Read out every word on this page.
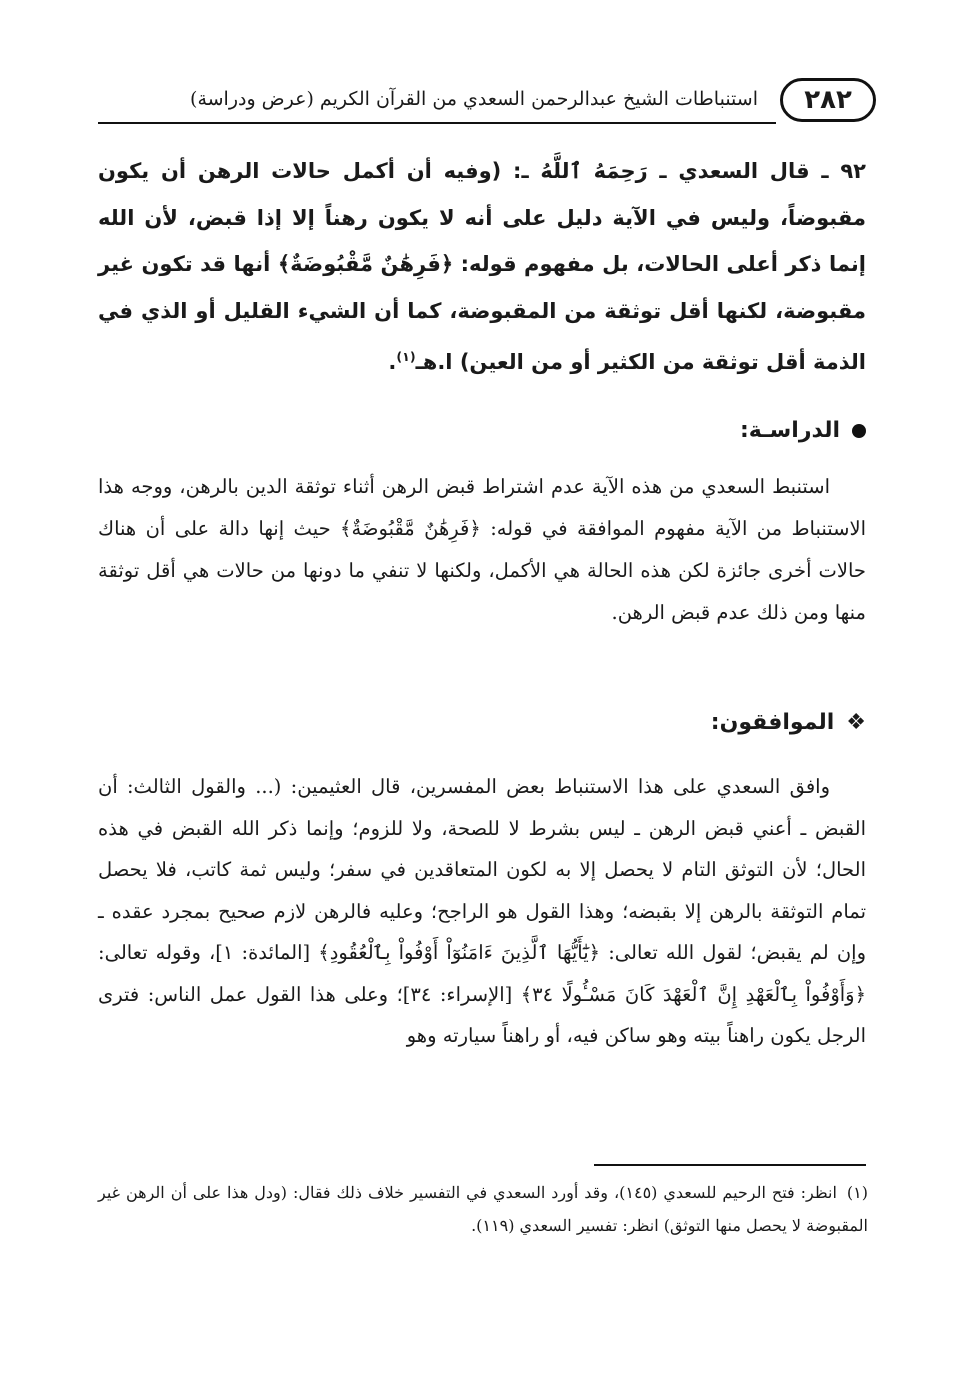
٢٨٢
استنباطات الشيخ عبدالرحمن السعدي من القرآن الكريم (عرض ودراسة)

٩٢ ـ قال السعدي ـ رَحِمَهُ ٱللَّهُ ـ: (وفيه أن أكمل حالات الرهن أن يكون مقبوضاً، وليس في الآية دليل على أنه لا يكون رهناً إلا إذا قبض، لأن الله إنما ذكر أعلى الحالات، بل مفهوم قوله: ﴿فَرِهَٰنٌ مَّقْبُوضَةٌ﴾ أنها قد تكون غير مقبوضة، لكنها أقل توثقة من المقبوضة، كما أن الشيء القليل أو الذي في الذمة أقل توثقة من الكثير أو من العين) ا.هـ$^{(١)}$.

الدراسـة:

استنبط السعدي من هذه الآية عدم اشتراط قبض الرهن أثناء توثقة الدين بالرهن، ووجه هذا الاستنباط من الآية مفهوم الموافقة في قوله: ﴿فَرِهَٰنٌ مَّقْبُوضَةٌ﴾ حيث إنها دالة على أن هناك حالات أخرى جائزة لكن هذه الحالة هي الأكمل، ولكنها لا تنفي ما دونها من حالات هي أقل توثقة منها ومن ذلك عدم قبض الرهن.

❖
الموافقون:

وافق السعدي على هذا الاستنباط بعض المفسرين، قال العثيمين: (... والقول الثالث: أن القبض ـ أعني قبض الرهن ـ ليس بشرط لا للصحة، ولا للزوم؛ وإنما ذكر الله القبض في هذه الحال؛ لأن التوثق التام لا يحصل إلا به لكون المتعاقدين في سفر؛ وليس ثمة كاتب، فلا يحصل تمام التوثقة بالرهن إلا بقبضه؛ وهذا القول هو الراجح؛ وعليه فالرهن لازم صحيح بمجرد عقده ـ وإن لم يقبض؛ لقول الله تعالى: ﴿يَٰٓأَيُّهَا ٱلَّذِينَ ءَامَنُوٓاْ أَوْفُواْ بِٱلْعُقُودِ﴾ [المائدة: ١]، وقوله تعالى: ﴿وَأَوْفُواْ بِٱلْعَهْدِ إِنَّ ٱلْعَهْدَ كَانَ مَسْـُٔولًا ٣٤﴾ [الإسراء: ٣٤]؛ وعلى هذا القول عمل الناس: فترى الرجل يكون راهناً بيته وهو ساكن فيه، أو راهناً سيارته وهو

(١)انظر: فتح الرحيم للسعدي (١٤٥)، وقد أورد السعدي في التفسير خلاف ذلك فقال: (ودل هذا على أن الرهن غير المقبوضة لا يحصل منها التوثق) انظر: تفسير السعدي (١١٩).
